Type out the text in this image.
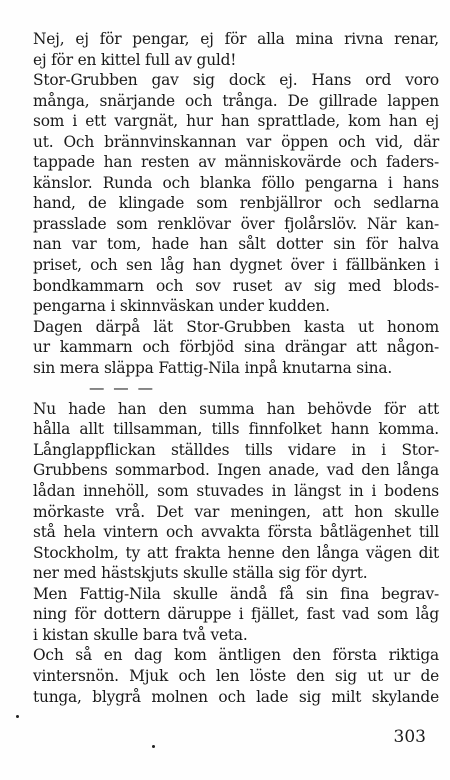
Nej, ej för pengar, ej för alla mina rivna renar,
ej för en kittel full av guld!
Stor-Grubben gav sig dock ej. Hans ord voro
många, snärjande och trånga. De gillrade lappen
som i ett vargnät, hur han sprattlade, kom han ej
ut. Och brännvinskannan var öppen och vid, där
tappade han resten av människovärde och faders-
känslor. Runda och blanka föllo pengarna i hans
hand, de klingade som renbjällror och sedlarna
prasslade som renklövar över fjolårslöv. När kan-
nan var tom, hade han sålt dotter sin för halva
priset, och sen låg han dygnet över i fällbänken i
bondkammarn och sov ruset av sig med blods-
pengarna i skinnväskan under kudden.
Dagen därpå lät Stor-Grubben kasta ut honom
ur kammarn och förbjöd sina drängar att någon-
sin mera släppa Fattig-Nila inpå knutarna sina.
— — —
Nu hade han den summa han behövde för att
hålla allt tillsamman, tills finnfolket hann komma.
Långlappflickan ställdes tills vidare in i Stor-
Grubbens sommarbod. Ingen anade, vad den långa
lådan innehöll, som stuvades in längst in i bodens
mörkaste vrå. Det var meningen, att hon skulle
stå hela vintern och avvakta första båtlägenhet till
Stockholm, ty att frakta henne den långa vägen dit
ner med hästskjuts skulle ställa sig för dyrt.
Men Fattig-Nila skulle ändå få sin fina begrav-
ning för dottern däruppe i fjället, fast vad som låg
i kistan skulle bara två veta.
Och så en dag kom äntligen den första riktiga
vintersnön. Mjuk och len löste den sig ut ur de
tunga, blygrå molnen och lade sig milt skylande
303
